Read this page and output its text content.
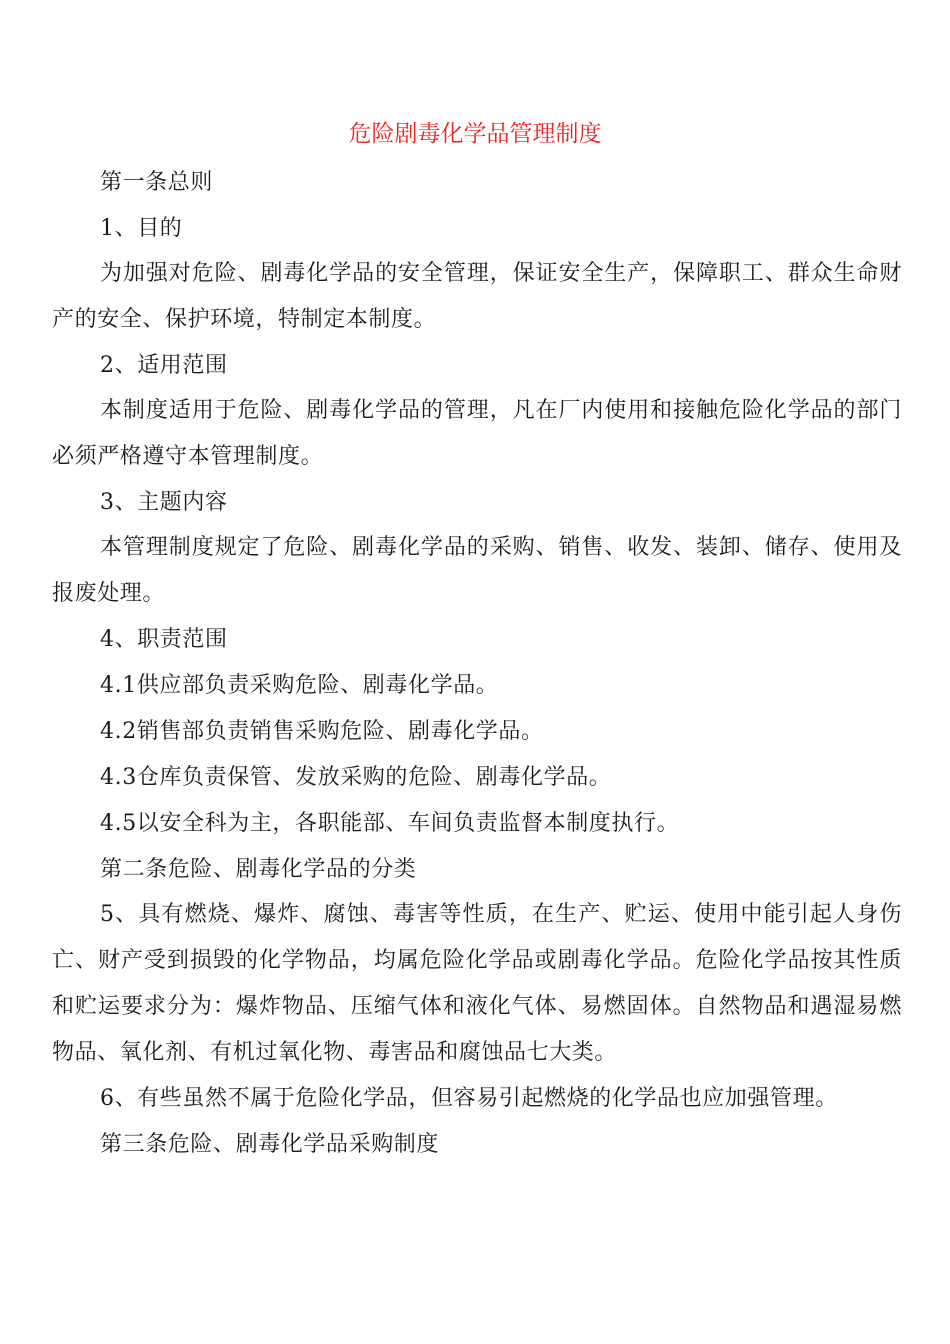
危险剧毒化学品管理制度

第一条总则

1、目的

为加强对危险、剧毒化学品的安全管理，保证安全生产，保障职工、群众生命财产的安全、保护环境，特制定本制度。

2、适用范围

本制度适用于危险、剧毒化学品的管理，凡在厂内使用和接触危险化学品的部门必须严格遵守本管理制度。

3、主题内容

本管理制度规定了危险、剧毒化学品的采购、销售、收发、装卸、储存、使用及报废处理。

4、职责范围

4.1供应部负责采购危险、剧毒化学品。

4.2销售部负责销售采购危险、剧毒化学品。

4.3仓库负责保管、发放采购的危险、剧毒化学品。

4.5以安全科为主，各职能部、车间负责监督本制度执行。

第二条危险、剧毒化学品的分类

5、具有燃烧、爆炸、腐蚀、毒害等性质，在生产、贮运、使用中能引起人身伤亡、财产受到损毁的化学物品，均属危险化学品或剧毒化学品。危险化学品按其性质和贮运要求分为：爆炸物品、压缩气体和液化气体、易燃固体。自然物品和遇湿易燃物品、氧化剂、有机过氧化物、毒害品和腐蚀品七大类。

6、有些虽然不属于危险化学品，但容易引起燃烧的化学品也应加强管理。

第三条危险、剧毒化学品采购制度
